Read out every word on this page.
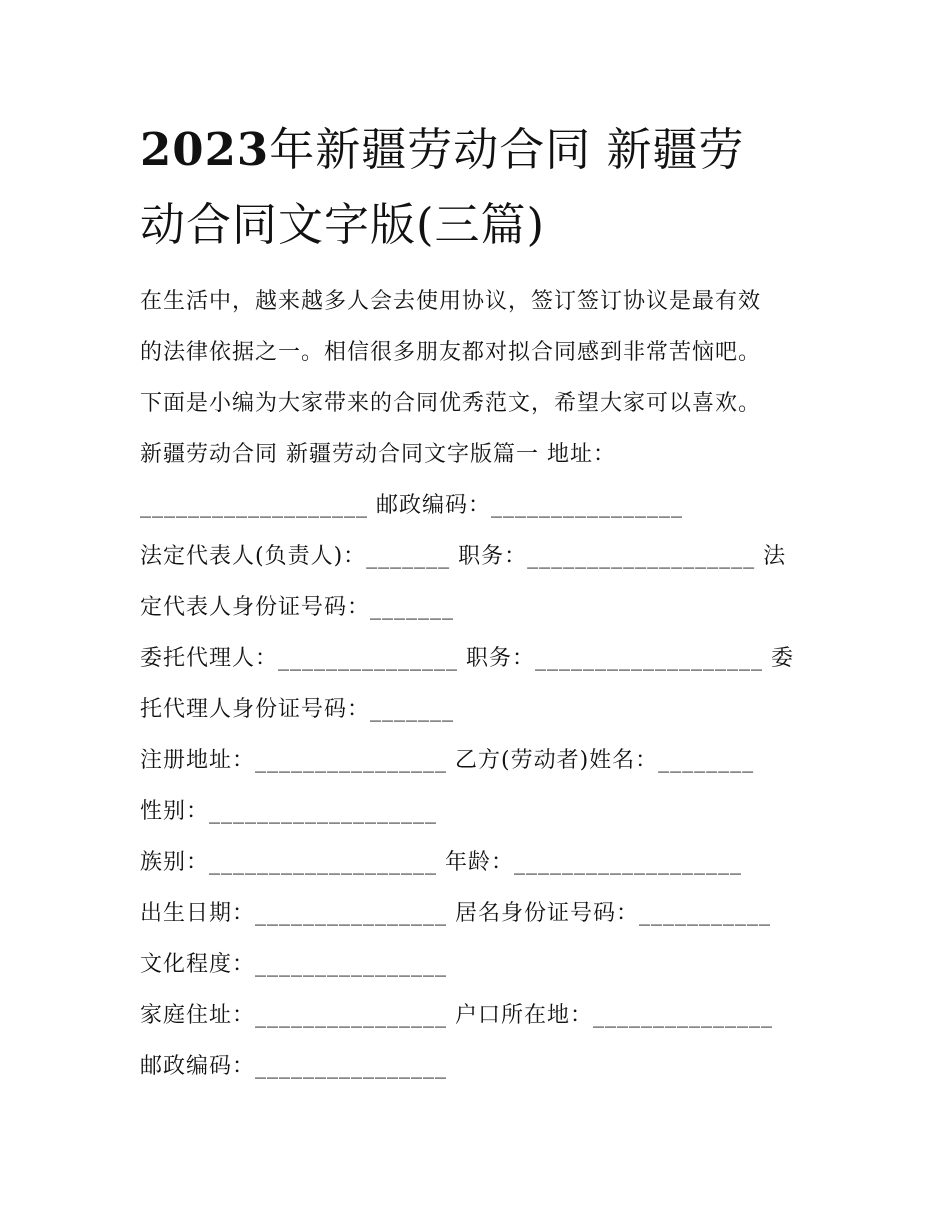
2023年新疆劳动合同 新疆劳
动合同文字版(三篇)
在生活中，越来越多人会去使用协议，签订签订协议是最有效
的法律依据之一。相信很多朋友都对拟合同感到非常苦恼吧。
下面是小编为大家带来的合同优秀范文，希望大家可以喜欢。
新疆劳动合同 新疆劳动合同文字版篇一 地址：
___________________ 邮政编码：________________
法定代表人(负责人)：_______ 职务：___________________ 法
定代表人身份证号码：_______
委托代理人：_______________ 职务：___________________ 委
托代理人身份证号码：_______
注册地址：________________ 乙方(劳动者)姓名：________
性别：___________________
族别：___________________ 年龄：___________________
出生日期：________________ 居名身份证号码：___________
文化程度：________________
家庭住址：________________ 户口所在地：_______________
邮政编码：________________
